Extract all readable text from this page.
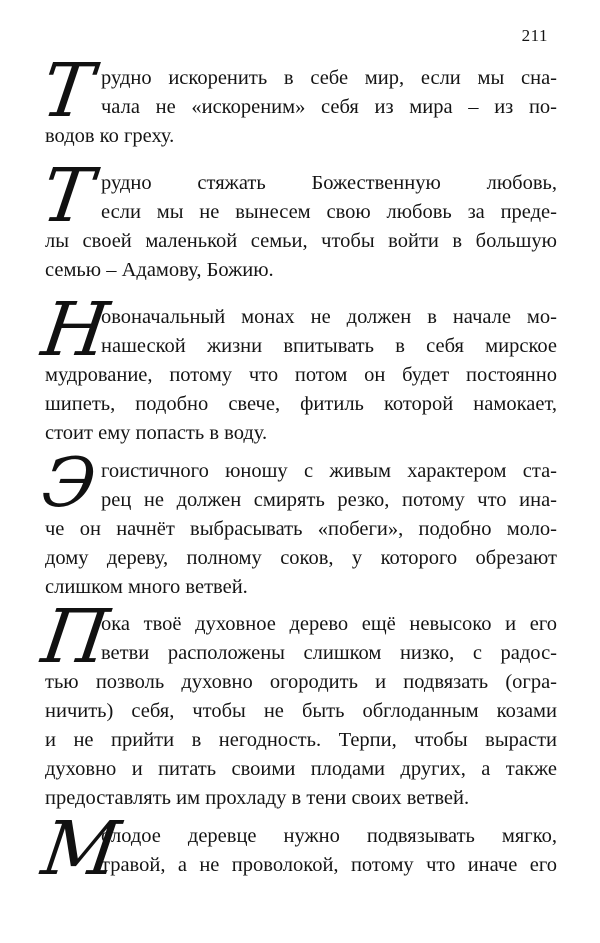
211
Т рудно искоренить в себе мир, если мы сна-
чала не «искореним» себя из мира – из по-
водов ко греху.
Т рудно стяжать Божественную любовь,
если мы не вынесем свою любовь за преде-
лы своей маленькой семьи, чтобы войти в большую
семью – Адамову, Божию.
Н
овоначальный монах не должен в начале мо-
нашеской жизни впитывать в себя мирское
мудрование, потому что потом он будет постоянно
шипеть, подобно свече, фитиль которой намокает,
стоит ему попасть в воду.
Э гоистичного юношу с живым характером ста-
рец не должен смирять резко, потому что ина-
че он начнёт выбрасывать «побеги», подобно моло-
дому дереву, полному соков, у которого обрезают
слишком много ветвей.
П
ока твоё духовное дерево ещё невысоко и его
ветви расположены слишком низко, с радос-
тью позволь духовно огородить и подвязать (огра-
ничить) себя, чтобы не быть обглоданным козами
и не прийти в негодность. Терпи, чтобы вырасти
духовно и питать своими плодами других, а также
предоставлять им прохладу в тени своих ветвей.
М
олодое деревце нужно подвязывать мягко,
травой, а не проволокой, потому что иначе его
